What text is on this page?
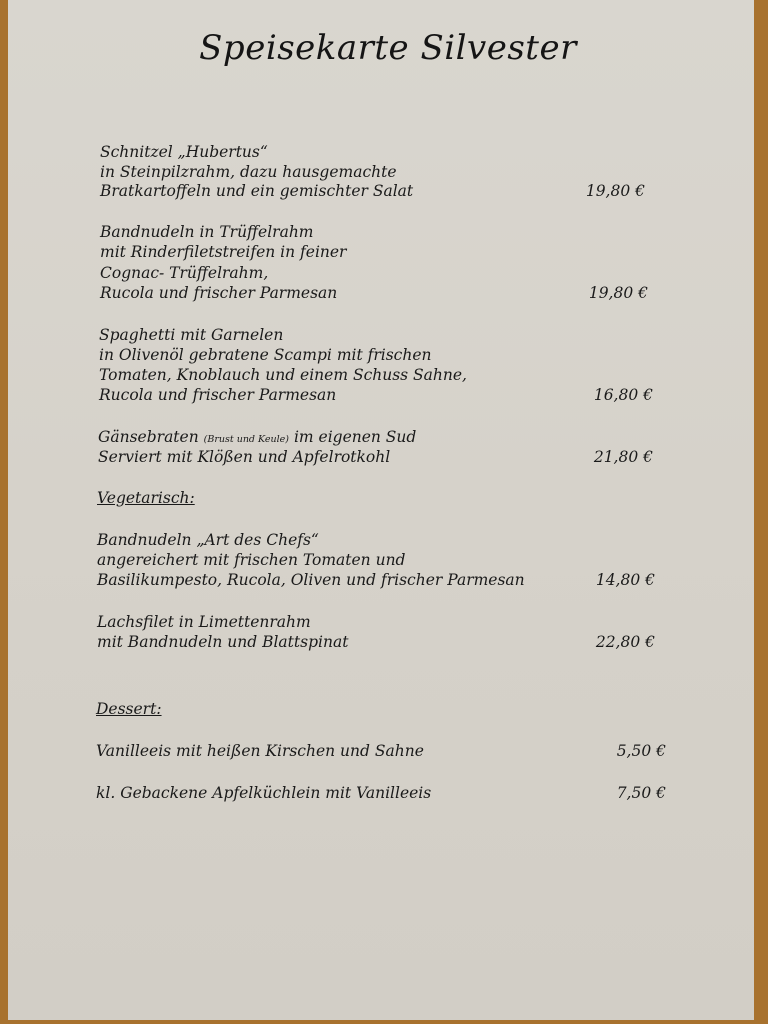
Speisekarte Silvester
Schnitzel „Hubertus“
in Steinpilzrahm, dazu hausgemachte
Bratkartoffeln und ein gemischter Salat	19,80 €
Bandnudeln in Trüffelrahm
mit Rinderfiletstreifen in feiner
Cognac- Trüffelrahm,
Rucola und frischer Parmesan	19,80 €
Spaghetti mit Garnelen
in Olivenöl gebratene Scampi mit frischen
Tomaten, Knoblauch und einem Schuss Sahne,
Rucola und frischer Parmesan	16,80 €
Gänsebraten (Brust und Keule) im eigenen Sud
Serviert mit Klößen und Apfelrotkohl	21,80 €
Vegetarisch:
Bandnudeln „Art des Chefs“
angereichert mit frischen Tomaten und
Basilikumpesto, Rucola, Oliven und frischer Parmesan	14,80 €
Lachsfilet in Limettenrahm
mit Bandnudeln und Blattspinat	22,80 €
Dessert:
Vanilleeis mit heißen Kirschen und Sahne	5,50 €
kl. Gebackene Apfelküchlein mit Vanilleeis	7,50 €
